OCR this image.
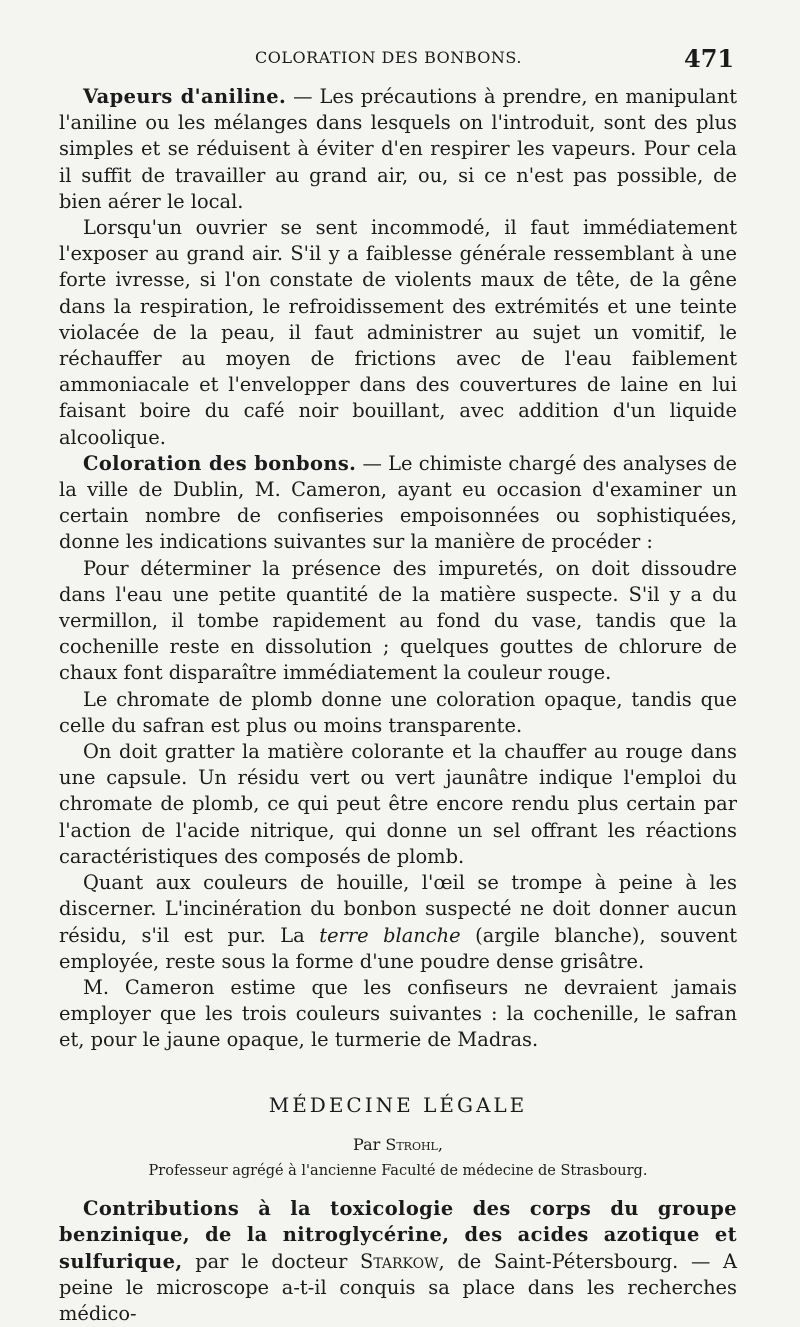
COLORATION DES BONBONS.	471

Vapeurs d'aniline. — Les précautions à prendre, en manipulant l'aniline ou les mélanges dans lesquels on l'introduit, sont des plus simples et se réduisent à éviter d'en respirer les vapeurs. Pour cela il suffit de travailler au grand air, ou, si ce n'est pas possible, de bien aérer le local.

Lorsqu'un ouvrier se sent incommodé, il faut immédiatement l'exposer au grand air. S'il y a faiblesse générale ressemblant à une forte ivresse, si l'on constate de violents maux de tête, de la gêne dans la respiration, le refroidissement des extrémités et une teinte violacée de la peau, il faut administrer au sujet un vomitif, le réchauffer au moyen de frictions avec de l'eau faiblement ammoniacale et l'envelopper dans des couvertures de laine en lui faisant boire du café noir bouillant, avec addition d'un liquide alcoolique.

Coloration des bonbons. — Le chimiste chargé des analyses de la ville de Dublin, M. Cameron, ayant eu occasion d'examiner un certain nombre de confiseries empoisonnées ou sophistiquées, donne les indications suivantes sur la manière de procéder :

Pour déterminer la présence des impuretés, on doit dissoudre dans l'eau une petite quantité de la matière suspecte. S'il y a du vermillon, il tombe rapidement au fond du vase, tandis que la cochenille reste en dissolution ; quelques gouttes de chlorure de chaux font disparaître immédiatement la couleur rouge.

Le chromate de plomb donne une coloration opaque, tandis que celle du safran est plus ou moins transparente.

On doit gratter la matière colorante et la chauffer au rouge dans une capsule. Un résidu vert ou vert jaunâtre indique l'emploi du chromate de plomb, ce qui peut être encore rendu plus certain par l'action de l'acide nitrique, qui donne un sel offrant les réactions caractéristiques des composés de plomb.

Quant aux couleurs de houille, l'œil se trompe à peine à les discerner. L'incinération du bonbon suspecté ne doit donner aucun résidu, s'il est pur. La terre blanche (argile blanche), souvent employée, reste sous la forme d'une poudre dense grisâtre.

M. Cameron estime que les confiseurs ne devraient jamais employer que les trois couleurs suivantes : la cochenille, le safran et, pour le jaune opaque, le turmerie de Madras.

MÉDECINE LÉGALE

Par Strohl,

Professeur agrégé à l'ancienne Faculté de médecine de Strasbourg.

Contributions à la toxicologie des corps du groupe benzinique, de la nitroglycérine, des acides azotique et sulfurique, par le docteur Starkow, de Saint-Pétersbourg. — A peine le microscope a-t-il conquis sa place dans les recherches médico-
